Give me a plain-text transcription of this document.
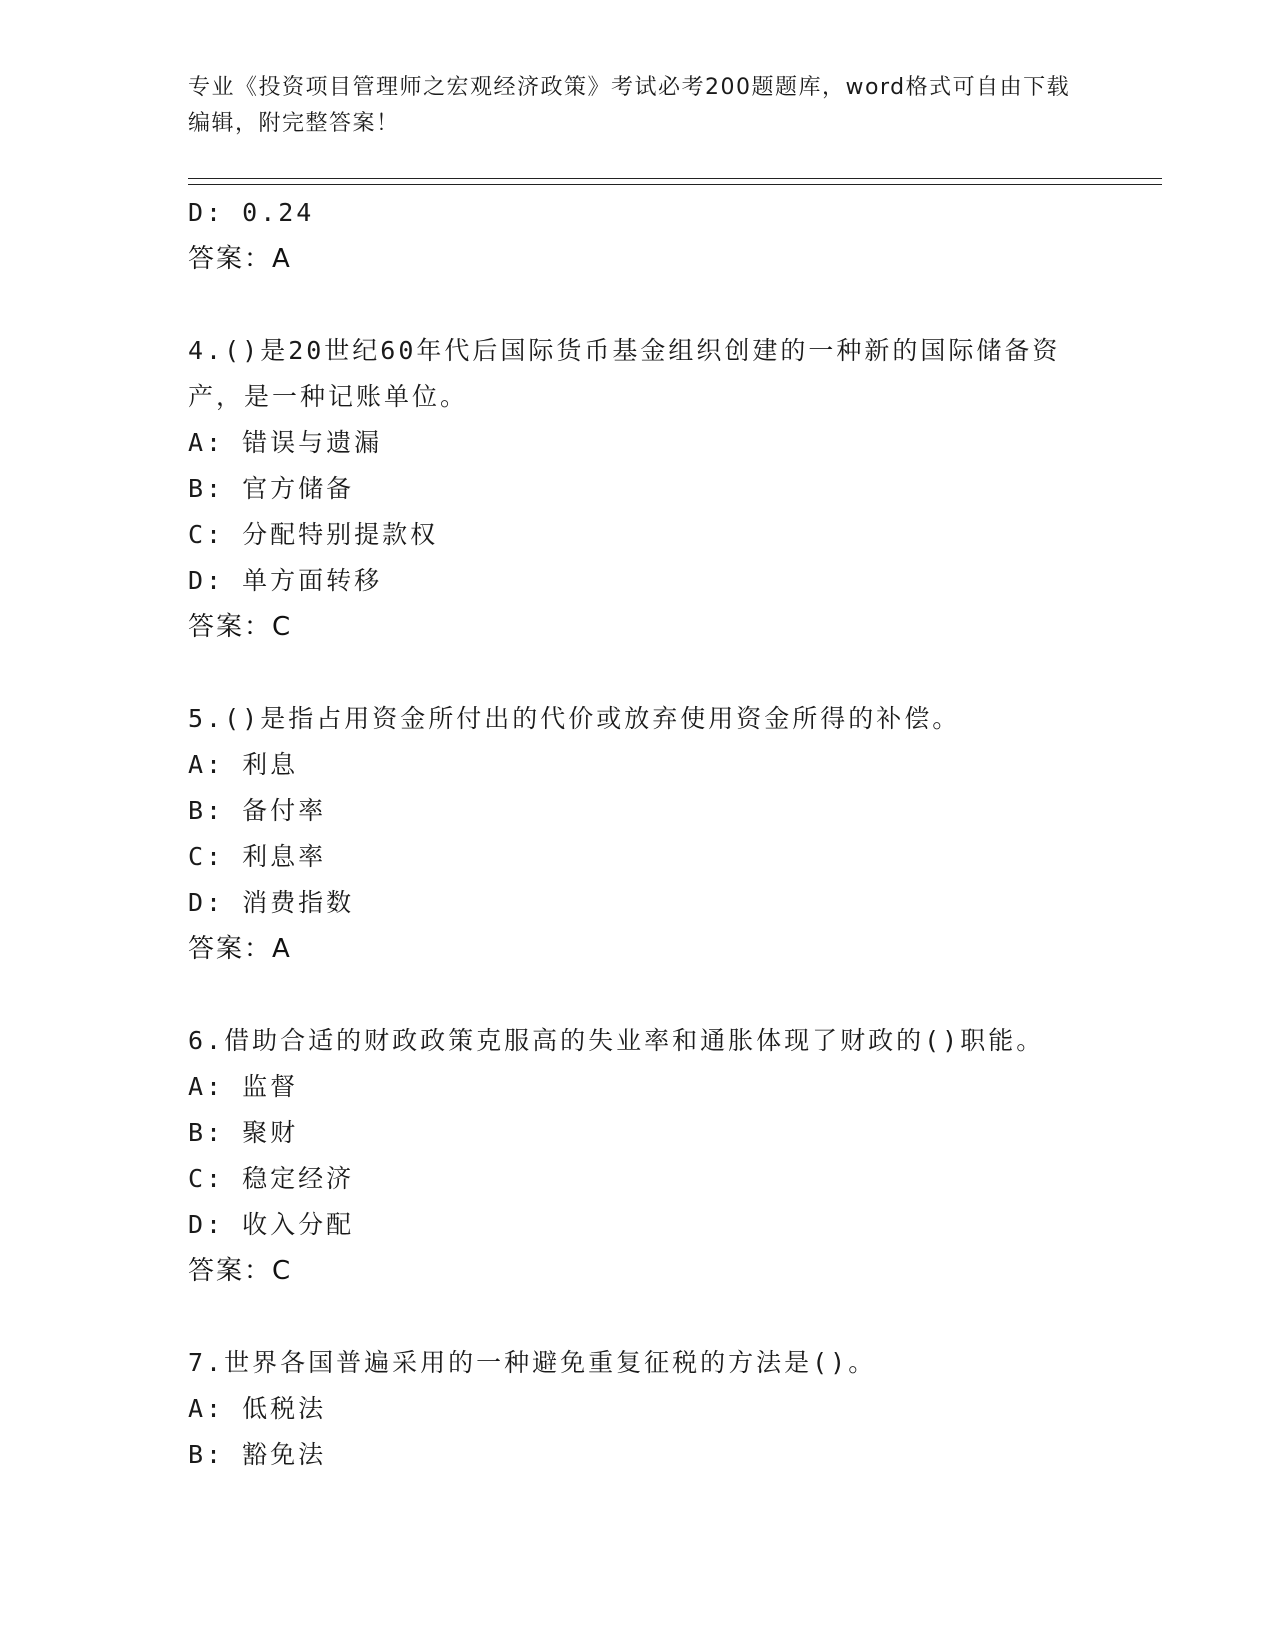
专业《投资项目管理师之宏观经济政策》考试必考200题题库，word格式可自由下载编辑，附完整答案！
D: 0.24
答案：A
4.()是20世纪60年代后国际货币基金组织创建的一种新的国际储备资产，是一种记账单位。
A: 错误与遗漏
B: 官方储备
C: 分配特别提款权
D: 单方面转移
答案：C
5.()是指占用资金所付出的代价或放弃使用资金所得的补偿。
A: 利息
B: 备付率
C: 利息率
D: 消费指数
答案：A
6.借助合适的财政政策克服高的失业率和通胀体现了财政的()职能。
A: 监督
B: 聚财
C: 稳定经济
D: 收入分配
答案：C
7.世界各国普遍采用的一种避免重复征税的方法是()。
A: 低税法
B: 豁免法
